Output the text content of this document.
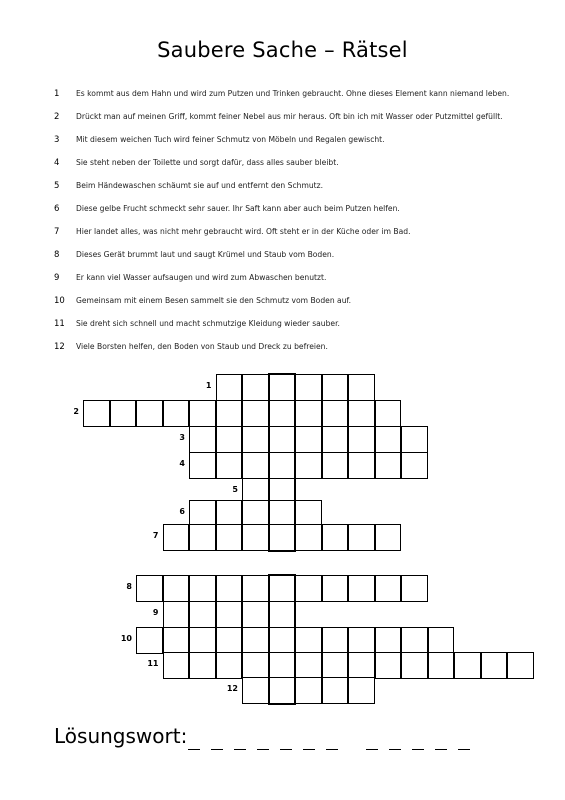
Saubere Sache – Rätsel
1 Es kommt aus dem Hahn und wird zum Putzen und Trinken gebraucht. Ohne dieses Element kann niemand leben.
2 Drückt man auf meinen Griff, kommt feiner Nebel aus mir heraus. Oft bin ich mit Wasser oder Putzmittel gefüllt.
3 Mit diesem weichen Tuch wird feiner Schmutz von Möbeln und Regalen gewischt.
4 Sie steht neben der Toilette und sorgt dafür, dass alles sauber bleibt.
5 Beim Händewaschen schäumt sie auf und entfernt den Schmutz.
6 Diese gelbe Frucht schmeckt sehr sauer. Ihr Saft kann aber auch beim Putzen helfen.
7 Hier landet alles, was nicht mehr gebraucht wird. Oft steht er in der Küche oder im Bad.
8 Dieses Gerät brummt laut und saugt Krümel und Staub vom Boden.
9 Er kann viel Wasser aufsaugen und wird zum Abwaschen benutzt.
10 Gemeinsam mit einem Besen sammelt sie den Schmutz vom Boden auf.
11 Sie dreht sich schnell und macht schmutzige Kleidung wieder sauber.
12 Viele Borsten helfen, den Boden von Staub und Dreck zu befreien.
1
2
3
4
5
6
7
8
9
10
11
12
Lösungswort:
